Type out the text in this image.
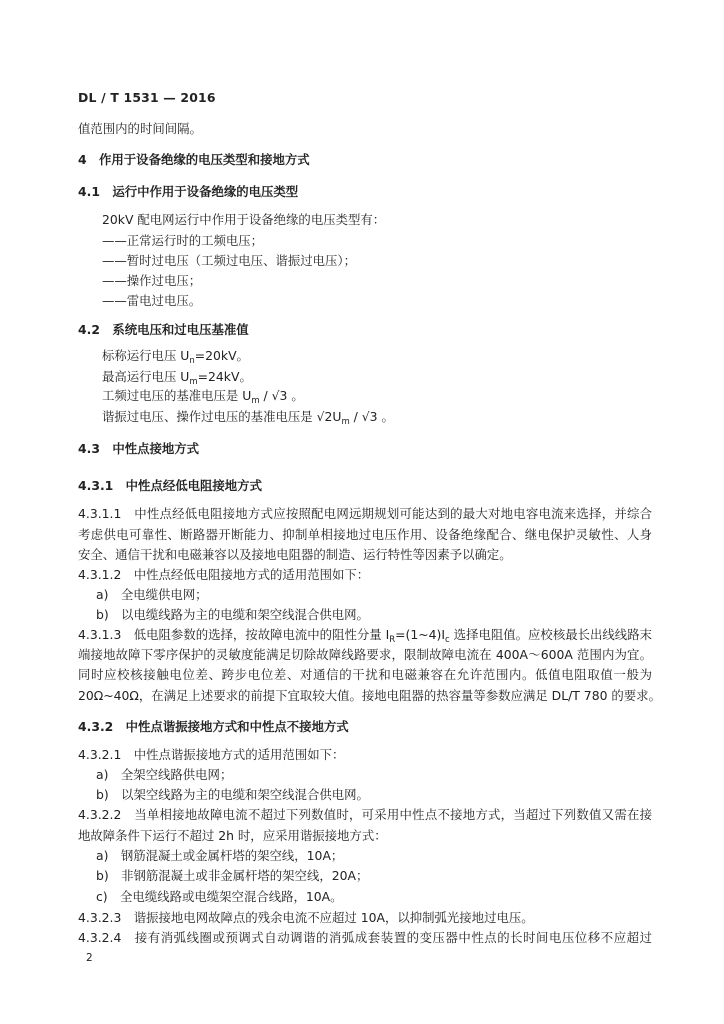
DL / T 1531 — 2016
值范围内的时间间隔。
4　作用于设备绝缘的电压类型和接地方式
4.1　运行中作用于设备绝缘的电压类型
20kV 配电网运行中作用于设备绝缘的电压类型有：
——正常运行时的工频电压；
——暂时过电压（工频过电压、谐振过电压）；
——操作过电压；
——雷电过电压。
4.2　系统电压和过电压基准值
标称运行电压 $U_n=20kV$。
最高运行电压 $U_m=24kV$。
工频过电压的基准电压是 $U_m / √3$ 。
谐振过电压、操作过电压的基准电压是 $√2U_m / √3$ 。
4.3　中性点接地方式
4.3.1　中性点经低电阻接地方式
4.3.1.1　中性点经低电阻接地方式应按照配电网远期规划可能达到的最大对地电容电流来选择，并综合
考虑供电可靠性、断路器开断能力、抑制单相接地过电压作用、设备绝缘配合、继电保护灵敏性、人身
安全、通信干扰和电磁兼容以及接地电阻器的制造、运行特性等因素予以确定。
4.3.1.2　中性点经低电阻接地方式的适用范围如下：
a)　全电缆供电网；
b)　以电缆线路为主的电缆和架空线混合供电网。
4.3.1.3　低电阻参数的选择，按故障电流中的阻性分量 $I_R=(1\sim 4)I_c$ 选择电阻值。应校核最长出线线路末
端接地故障下零序保护的灵敏度能满足切除故障线路要求，限制故障电流在 400A～600A 范围内为宜。
同时应校核接触电位差、跨步电位差、对通信的干扰和电磁兼容在允许范围内。低值电阻取值一般为
20Ω~40Ω，在满足上述要求的前提下宜取较大值。接地电阻器的热容量等参数应满足 DL/T 780 的要求。
4.3.2　中性点谐振接地方式和中性点不接地方式
4.3.2.1　中性点谐振接地方式的适用范围如下：
a)　全架空线路供电网；
b)　以架空线路为主的电缆和架空线混合供电网。
4.3.2.2　当单相接地故障电流不超过下列数值时，可采用中性点不接地方式，当超过下列数值又需在接
地故障条件下运行不超过 2h 时，应采用谐振接地方式：
a)　钢筋混凝土或金属杆塔的架空线，10A；
b)　非钢筋混凝土或非金属杆塔的架空线，20A；
c)　全电缆线路或电缆架空混合线路，10A。
4.3.2.3　谐振接地电网故障点的残余电流不应超过 10A，以抑制弧光接地过电压。
4.3.2.4　接有消弧线圈或预调式自动调谐的消弧成套装置的变压器中性点的长时间电压位移不应超过
2
